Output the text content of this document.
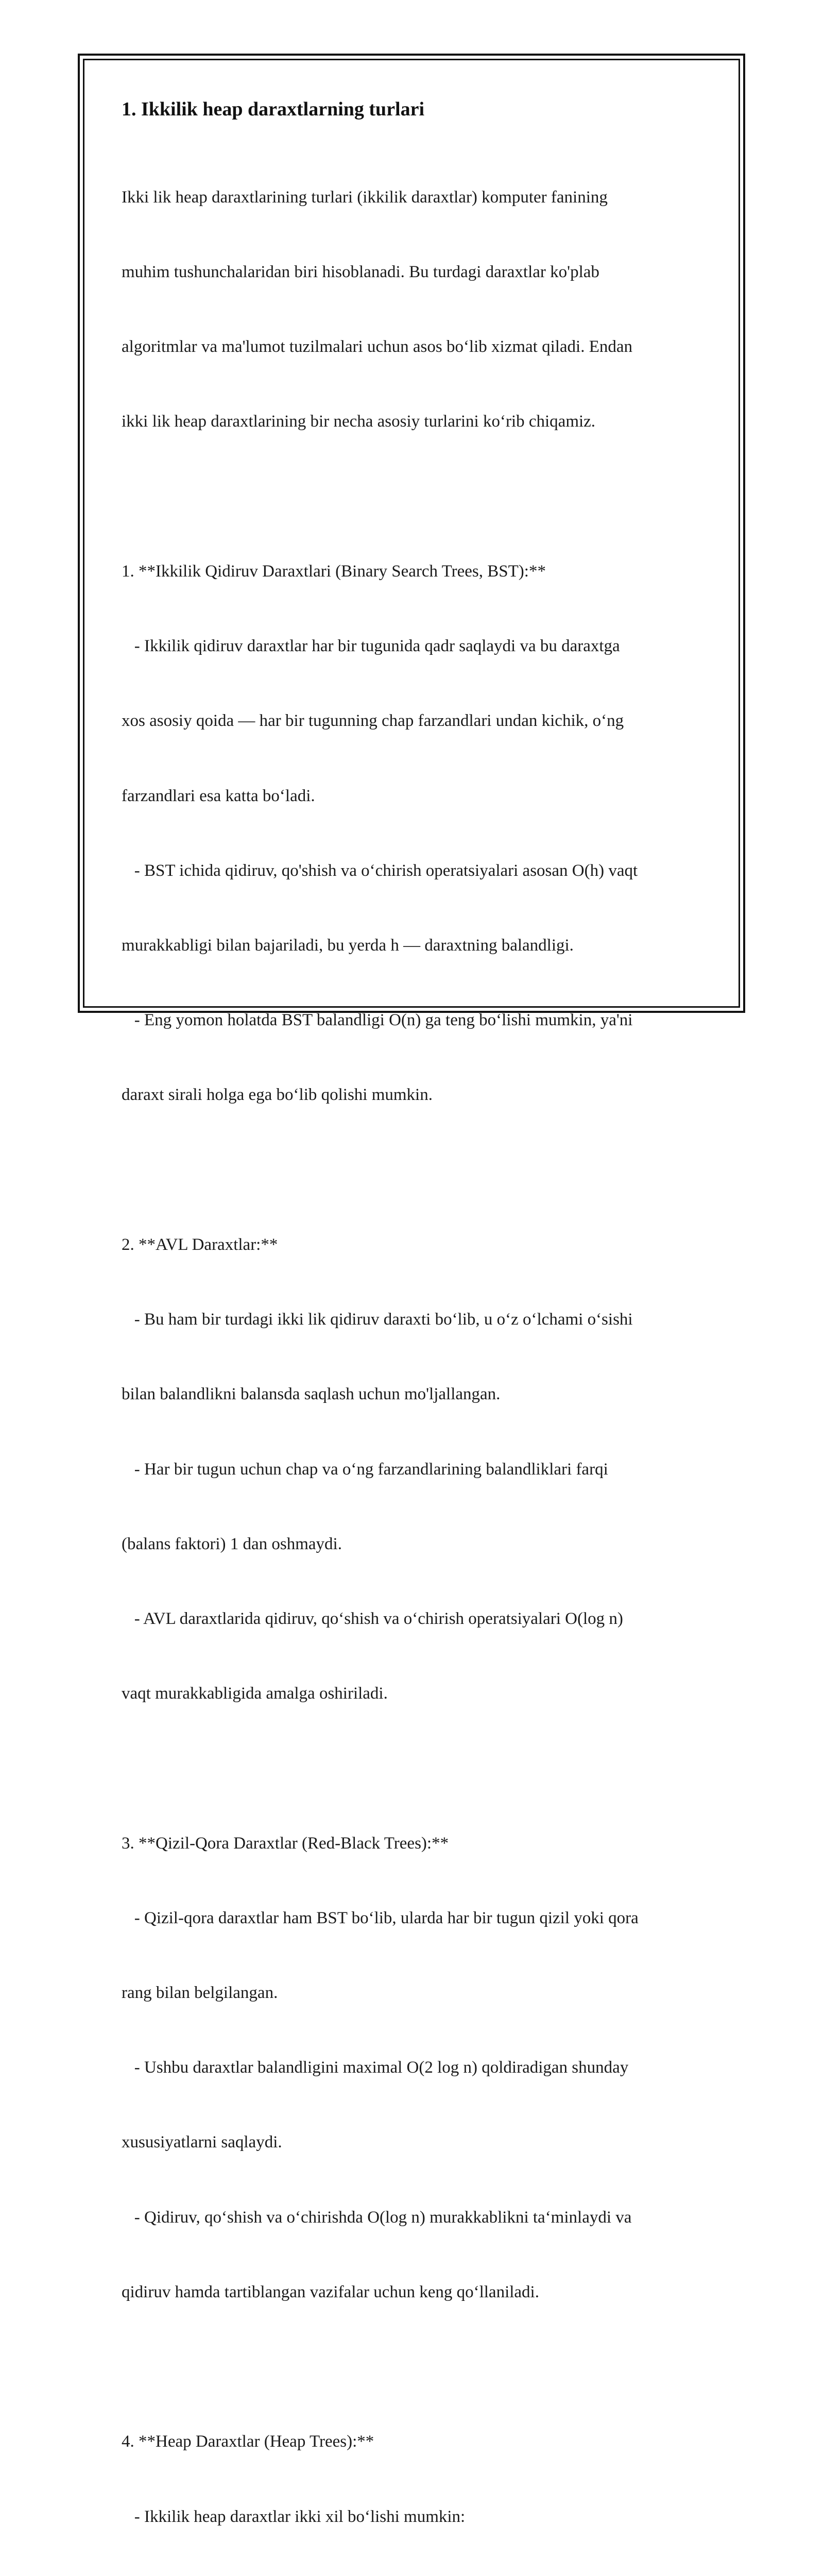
1. Ikkilik heap daraxtlarning turlari

Ikki lik heap daraxtlarining turlari (ikkilik daraxtlar) komputer fanining

muhim tushunchalaridan biri hisoblanadi. Bu turdagi daraxtlar ko'plab

algoritmlar va ma'lumot tuzilmalari uchun asos boʻlib xizmat qiladi. Endan

ikki lik heap daraxtlarining bir necha asosiy turlarini koʻrib chiqamiz.

1. **Ikkilik Qidiruv Daraxtlari (Binary Search Trees, BST):**

- Ikkilik qidiruv daraxtlar har bir tugunida qadr saqlaydi va bu daraxtga

xos asosiy qoida — har bir tugunning chap farzandlari undan kichik, oʻng

farzandlari esa katta boʻladi.

- BST ichida qidiruv, qo'shish va oʻchirish operatsiyalari asosan O(h) vaqt

murakkabligi bilan bajariladi, bu yerda h — daraxtning balandligi.

- Eng yomon holatda BST balandligi O(n) ga teng boʻlishi mumkin, ya'ni

daraxt sirali holga ega boʻlib qolishi mumkin.

2. **AVL Daraxtlar:**

- Bu ham bir turdagi ikki lik qidiruv daraxti boʻlib, u oʻz oʻlchami oʻsishi

bilan balandlikni balansda saqlash uchun mo'ljallangan.

- Har bir tugun uchun chap va oʻng farzandlarining balandliklari farqi

(balans faktori) 1 dan oshmaydi.

- AVL daraxtlarida qidiruv, qoʻshish va oʻchirish operatsiyalari O(log n)

vaqt murakkabligida amalga oshiriladi.

3. **Qizil-Qora Daraxtlar (Red-Black Trees):**

- Qizil-qora daraxtlar ham BST boʻlib, ularda har bir tugun qizil yoki qora

rang bilan belgilangan.

- Ushbu daraxtlar balandligini maximal O(2 log n) qoldiradigan shunday

xususiyatlarni saqlaydi.

- Qidiruv, qoʻshish va oʻchirishda O(log n) murakkablikni taʻminlaydi va

qidiruv hamda tartiblangan vazifalar uchun keng qoʻllaniladi.

4. **Heap Daraxtlar (Heap Trees):**

- Ikkilik heap daraxtlar ikki xil boʻlishi mumkin:
